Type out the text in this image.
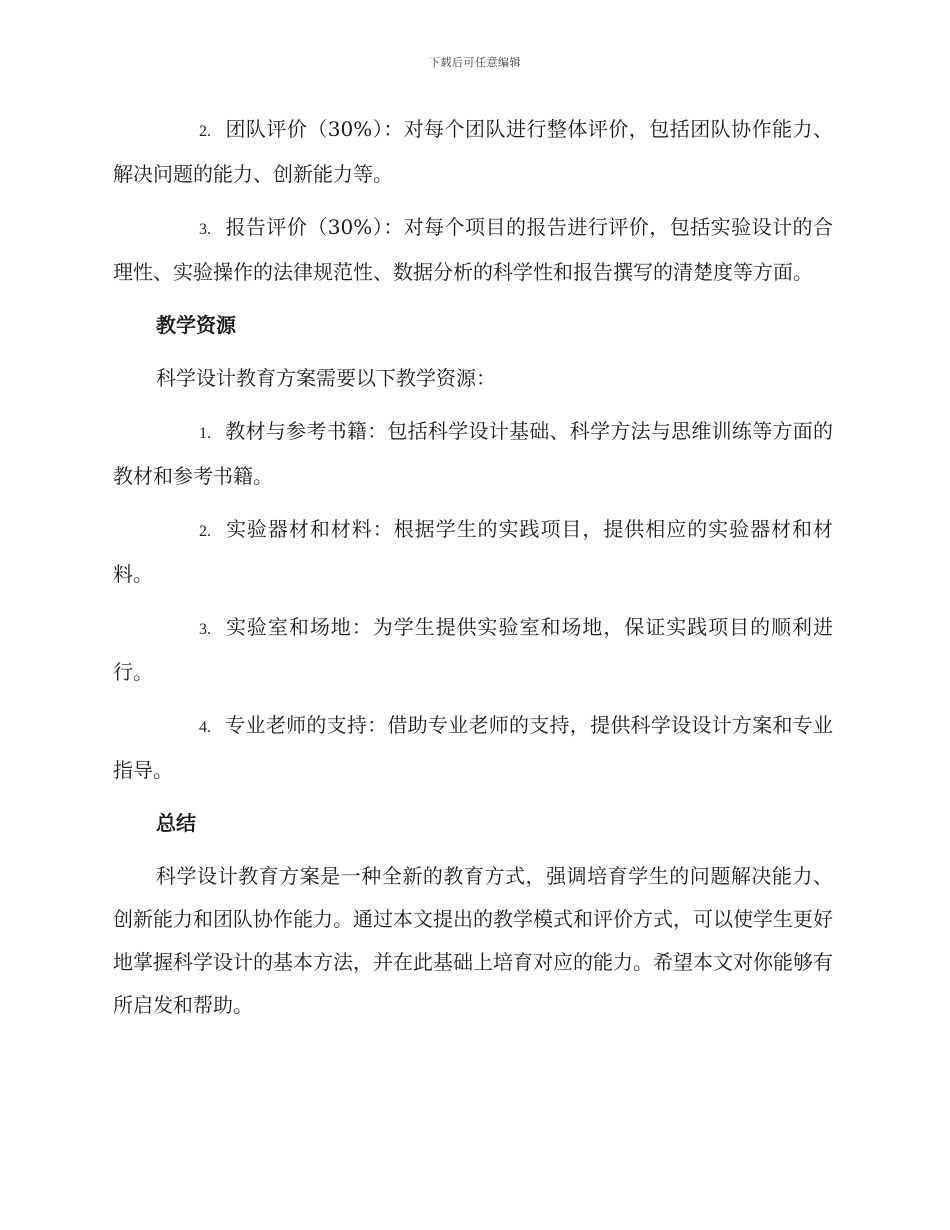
下载后可任意编辑

2. 团队评价（30%）：对每个团队进行整体评价，包括团队协作能力、解决问题的能力、创新能力等。

3. 报告评价（30%）：对每个项目的报告进行评价，包括实验设计的合理性、实验操作的法律规范性、数据分析的科学性和报告撰写的清楚度等方面。

教学资源

科学设计教育方案需要以下教学资源：

1. 教材与参考书籍：包括科学设计基础、科学方法与思维训练等方面的教材和参考书籍。

2. 实验器材和材料：根据学生的实践项目，提供相应的实验器材和材料。

3. 实验室和场地：为学生提供实验室和场地，保证实践项目的顺利进行。

4. 专业老师的支持：借助专业老师的支持，提供科学设设计方案和专业指导。

总结

科学设计教育方案是一种全新的教育方式，强调培育学生的问题解决能力、创新能力和团队协作能力。通过本文提出的教学模式和评价方式，可以使学生更好地掌握科学设计的基本方法，并在此基础上培育对应的能力。希望本文对你能够有所启发和帮助。
